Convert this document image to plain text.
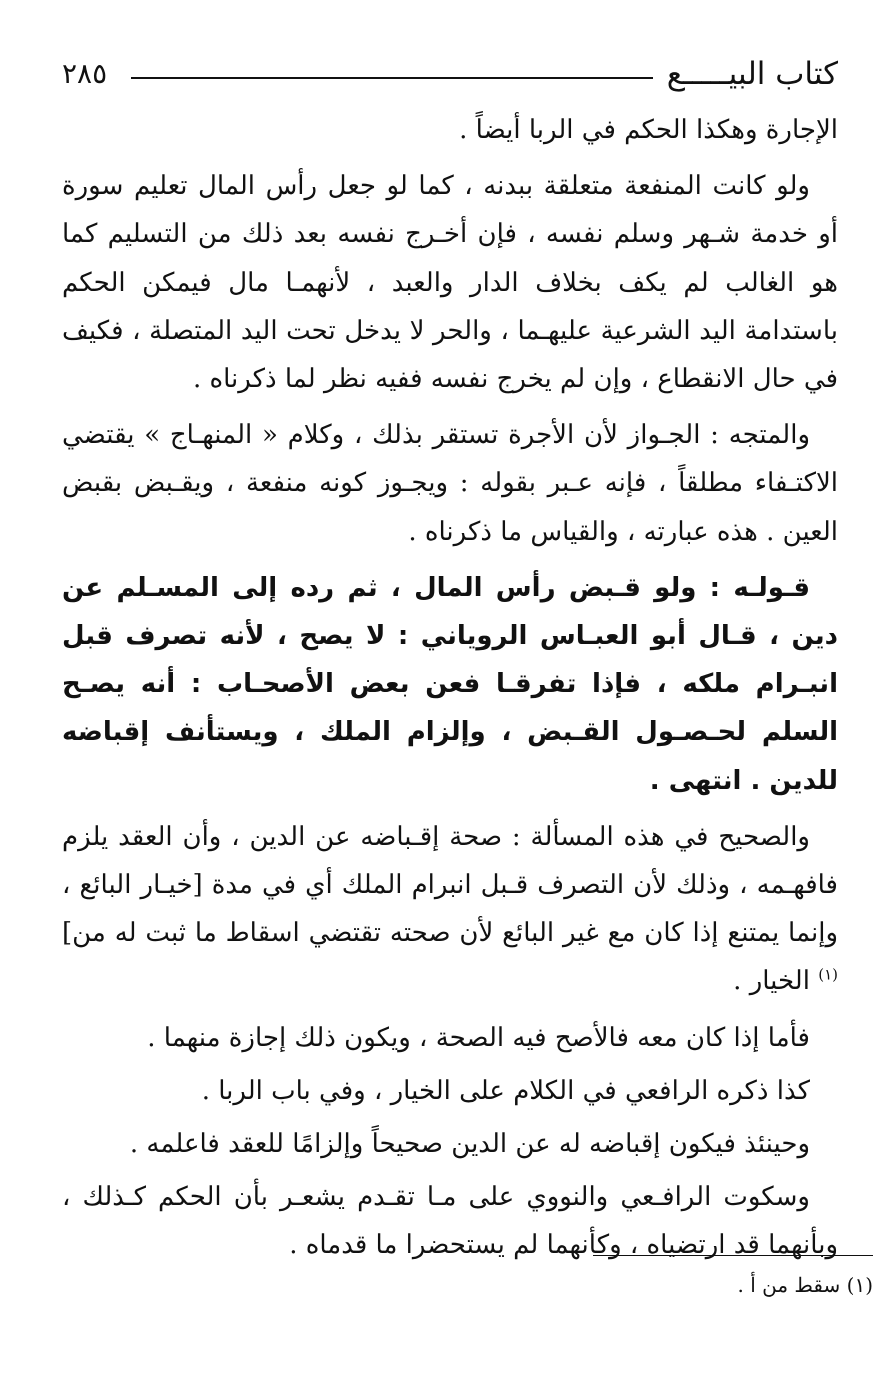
كتاب البيـــــع
٢٨٥

الإجارة وهكذا الحكم في الربا أيضاً .

ولو كانت المنفعة متعلقة ببدنه ، كما لو جعل رأس المال تعليم سورة أو خدمة شـهر وسلم نفسه ، فإن أخـرج نفسه بعد ذلك من التسليم كما هو الغالب لم يكف بخلاف الدار والعبد ، لأنهمـا مال فيمكن الحكم باستدامة اليد الشرعية عليهـما ، والحر لا يدخل تحت اليد المتصلة ، فكيف في حال الانقطاع ، وإن لم يخرج نفسه ففيه نظر لما ذكرناه .

والمتجه : الجـواز لأن الأجرة تستقر بذلك ، وكلام « المنهـاج » يقتضي الاكتـفاء مطلقاً ، فإنه عـبر بقوله : ويجـوز كونه منفعة ، ويقـبض بقبض العين . هذه عبارته ، والقياس ما ذكرناه .

قـولـه : ولو قـبض رأس المال ، ثم رده إلى المسـلم عن دين ، قـال أبو العبـاس الروياني : لا يصح ، لأنه تصرف قبل انبـرام ملكه ، فإذا تفرقـا فعن بعض الأصحـاب : أنه يصـح السلم لحـصـول القـبض ، وإلزام الملك ، ويستأنف إقباضه للدين . انتهى .

والصحيح في هذه المسألة : صحة إقـباضه عن الدين ، وأن العقد يلزم فافهـمه ، وذلك لأن التصرف قـبل انبرام الملك أي في مدة [خيـار البائع ، وإنما يمتنع إذا كان مع غير البائع لأن صحته تقتضي اسقاط ما ثبت له من]$^{(١)}$ الخيار .

فأما إذا كان معه فالأصح فيه الصحة ، ويكون ذلك إجازة منهما .

كذا ذكره الرافعي في الكلام على الخيار ، وفي باب الربا .

وحينئذ فيكون إقباضه له عن الدين صحيحاً وإلزامًا للعقد فاعلمه .

وسكوت الرافـعي والنووي على مـا تقـدم يشعـر بأن الحكم كـذلك ، وبأنهما قد ارتضياه ، وكأنهما لم يستحضرا ما قدماه .

(١) سقط من أ .
